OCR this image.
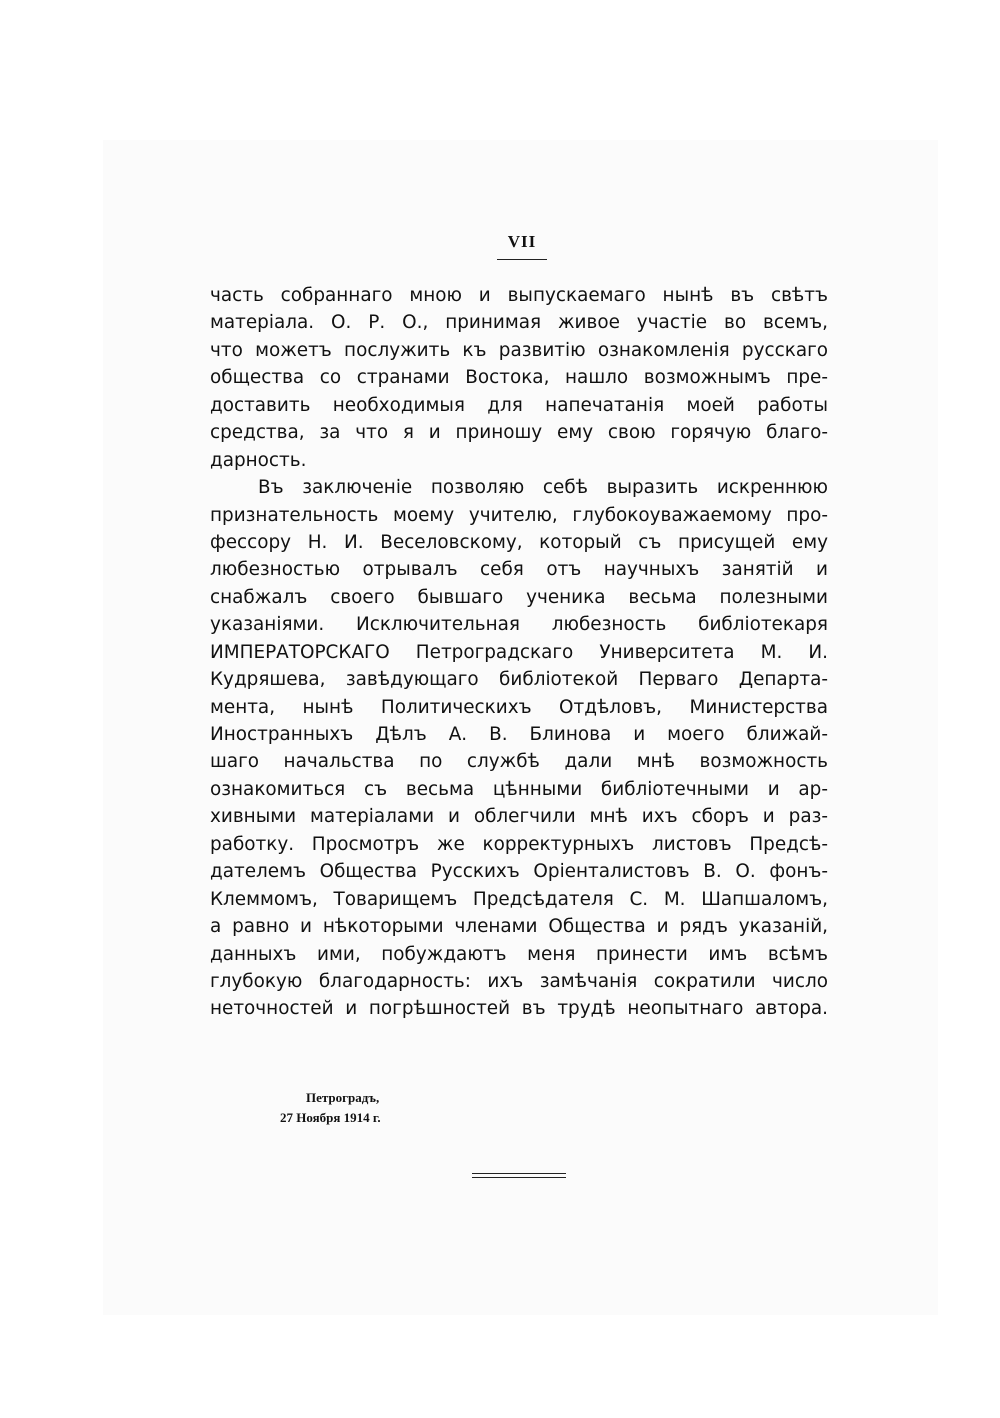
VII
часть собраннаго мною и выпускаемаго нынѣ въ свѣтъ
матеріала. О. Р. О., принимая живое участіе во всемъ,
что можетъ послужить къ развитію ознакомленія русскаго
общества со странами Востока, нашло возможнымъ пре-
доставить необходимыя для напечатанія моей работы
средства, за что я и приношу ему свою горячую благо-
дарность.
Въ заключеніе позволяю себѣ выразить искреннюю
признательность моему учителю, глубокоуважаемому про-
фессору Н. И. Веселовскому, который съ присущей ему
любезностью отрывалъ себя отъ научныхъ занятій и
снабжалъ своего бывшаго ученика весьма полезными
указаніями. Исключительная любезность библіотекаря
ИМПЕРАТОРСКАГО Петроградскаго Университета М. И.
Кудряшева, завѣдующаго библіотекой Перваго Департа-
мента, нынѣ Политическихъ Отдѣловъ, Министерства
Иностранныхъ Дѣлъ А. В. Блинова и моего ближай-
шаго начальства по службѣ дали мнѣ возможность
ознакомиться съ весьма цѣнными библіотечными и ар-
хивными матеріалами и облегчили мнѣ ихъ сборъ и раз-
работку. Просмотръ же корректурныхъ листовъ Предсѣ-
дателемъ Общества Русскихъ Оріенталистовъ В. О. фонъ-
Клеммомъ, Товарищемъ Предсѣдателя С. М. Шапшаломъ,
а равно и нѣкоторыми членами Общества и рядъ указаній,
данныхъ ими, побуждаютъ меня принести имъ всѣмъ
глубокую благодарность: ихъ замѣчанія сократили число
неточностей и погрѣшностей въ трудѣ неопытнаго автора.
Петроградъ,
27 Ноября 1914 г.
